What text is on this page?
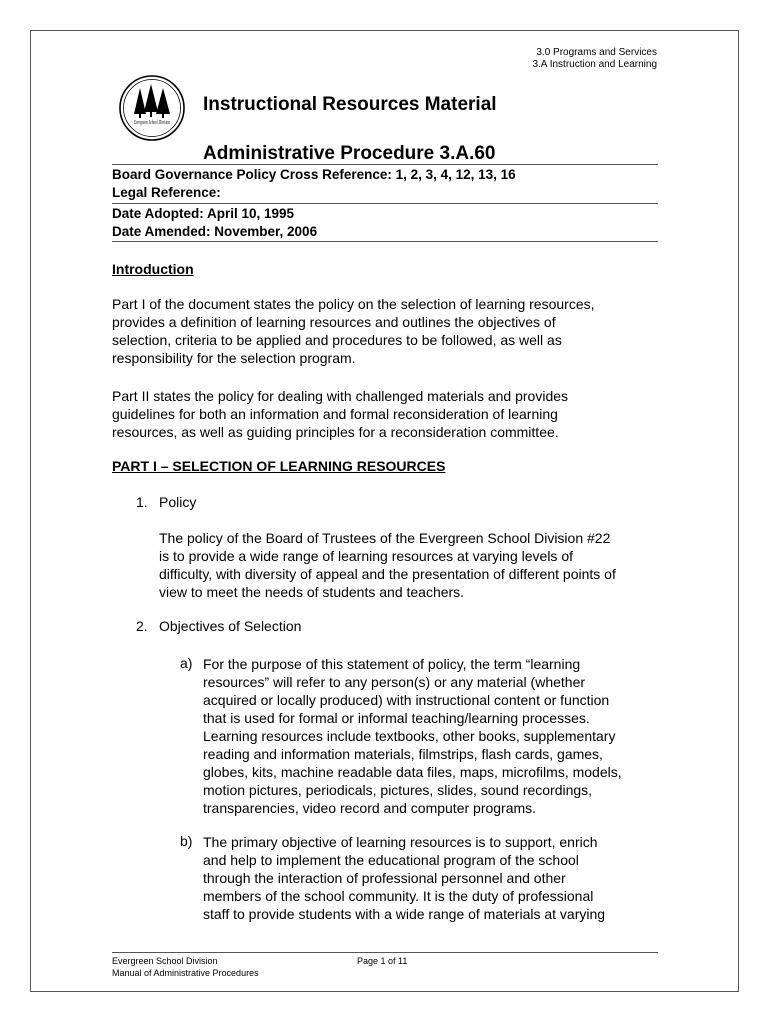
3.0 Programs and Services
3.A Instruction and Learning
Evergreen School Division
Instructional Resources Material
Administrative Procedure 3.A.60
Board Governance Policy Cross Reference: 1, 2, 3, 4, 12, 13, 16
Legal Reference:
Date Adopted: April 10, 1995
Date Amended: November, 2006
Introduction
Part I of the document states the policy on the selection of learning resources,
provides a definition of learning resources and outlines the objectives of
selection, criteria to be applied and procedures to be followed, as well as
responsibility for the selection program.
Part II states the policy for dealing with challenged materials and provides
guidelines for both an information and formal reconsideration of learning
resources, as well as guiding principles for a reconsideration committee.
PART I – SELECTION OF LEARNING RESOURCES
1. Policy
The policy of the Board of Trustees of the Evergreen School Division #22
is to provide a wide range of learning resources at varying levels of
difficulty, with diversity of appeal and the presentation of different points of
view to meet the needs of students and teachers.
2. Objectives of Selection
a) For the purpose of this statement of policy, the term “learning
resources” will refer to any person(s) or any material (whether
acquired or locally produced) with instructional content or function
that is used for formal or informal teaching/learning processes.
Learning resources include textbooks, other books, supplementary
reading and information materials, filmstrips, flash cards, games,
globes, kits, machine readable data files, maps, microfilms, models,
motion pictures, periodicals, pictures, slides, sound recordings,
transparencies, video record and computer programs.
b) The primary objective of learning resources is to support, enrich
and help to implement the educational program of the school
through the interaction of professional personnel and other
members of the school community. It is the duty of professional
staff to provide students with a wide range of materials at varying
Evergreen School Division
Manual of Administrative Procedures
Page 1 of 11
